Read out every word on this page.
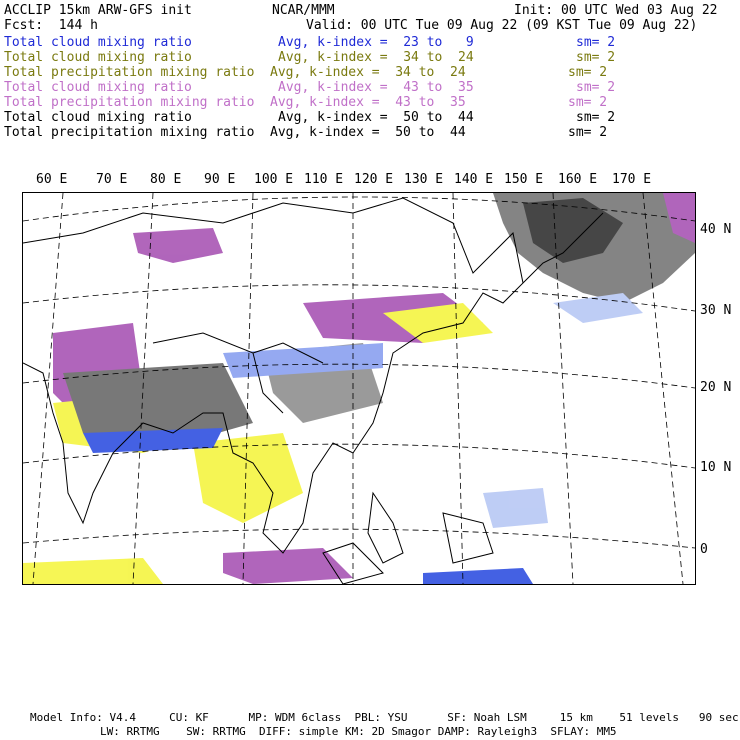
ACCLIP 15km ARW-GFS init	NCAR/MMM	Init: 00 UTC Wed 03 Aug 22
Fcst:  144 h	Valid: 00 UTC Tue 09 Aug 22 (09 KST Tue 09 Aug 22)
Total cloud mixing ratio	Avg, k-index =  23 to   9	sm= 2
Total cloud mixing ratio	Avg, k-index =  34 to  24	sm= 2
Total precipitation mixing ratio Avg, k-index =  34 to  24	sm= 2
Total cloud mixing ratio	Avg, k-index =  43 to  35	sm= 2
Total precipitation mixing ratio Avg, k-index =  43 to  35	sm= 2
Total cloud mixing ratio	Avg, k-index =  50 to  44	sm= 2
Total precipitation mixing ratio Avg, k-index =  50 to  44	sm= 2
60 E 70 E 80 E 90 E 100 E 110 E 120 E 130 E 140 E 150 E 160 E 170 E
40 N
30 N
20 N
10 N
0
Model Info: V4.4     CU: KF      MP: WDM 6class  PBL: YSU      SF: Noah LSM     15 km    51 levels   90 sec
LW: RRTMG    SW: RRTMG  DIFF: simple KM: 2D Smagor DAMP: Rayleigh3  SFLAY: MM5
